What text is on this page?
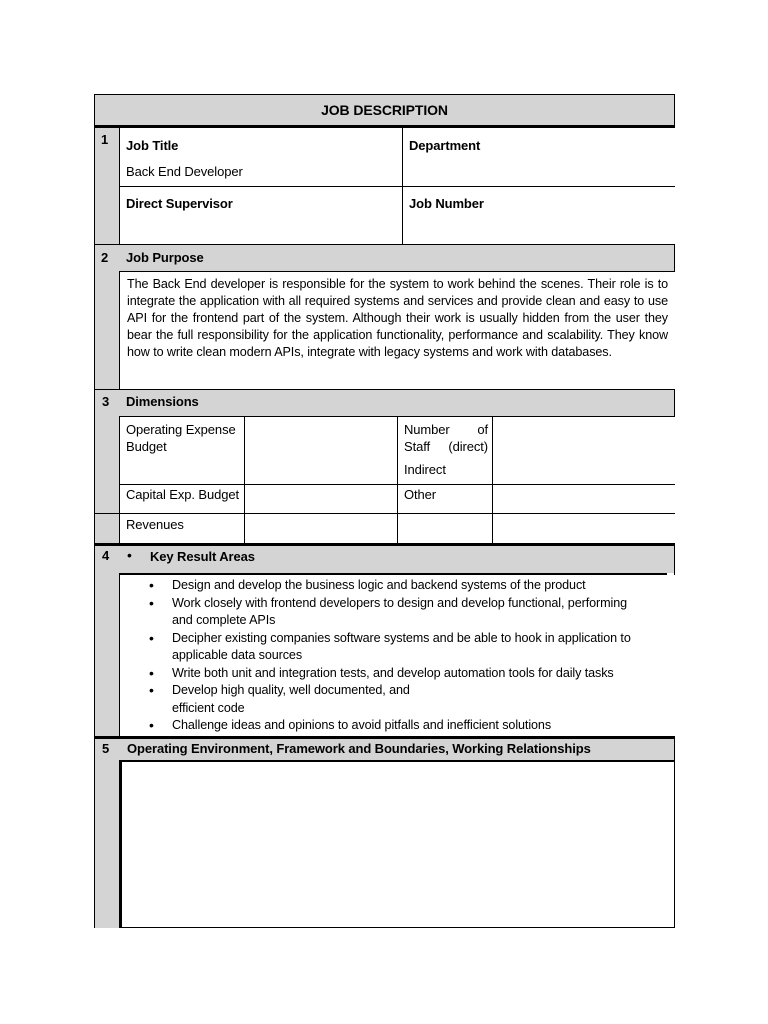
JOB DESCRIPTION
1 Job Title
Back End Developer
Department
Direct Supervisor	Job Number
2 Job Purpose
The Back End developer is responsible for the system to work behind the scenes. Their role is to integrate the application with all required systems and services and provide clean and easy to use API for the frontend part of the system. Although their work is usually hidden from the user they bear the full responsibility for the application functionality, performance and scalability. They know how to write clean modern APIs, integrate with legacy systems and work with databases.
3 Dimensions
Operating Expense Budget
Number of Staff (direct)
Indirect
Capital Exp. Budget	Other
Revenues
4 • Key Result Areas
• Design and develop the business logic and backend systems of the product
• Work closely with frontend developers to design and develop functional, performing and complete APIs
• Decipher existing companies software systems and be able to hook in application to applicable data sources
• Write both unit and integration tests, and develop automation tools for daily tasks
• Develop high quality, well documented, and
efficient code
• Challenge ideas and opinions to avoid pitfalls and inefficient solutions
5 Operating Environment, Framework and Boundaries, Working Relationships
